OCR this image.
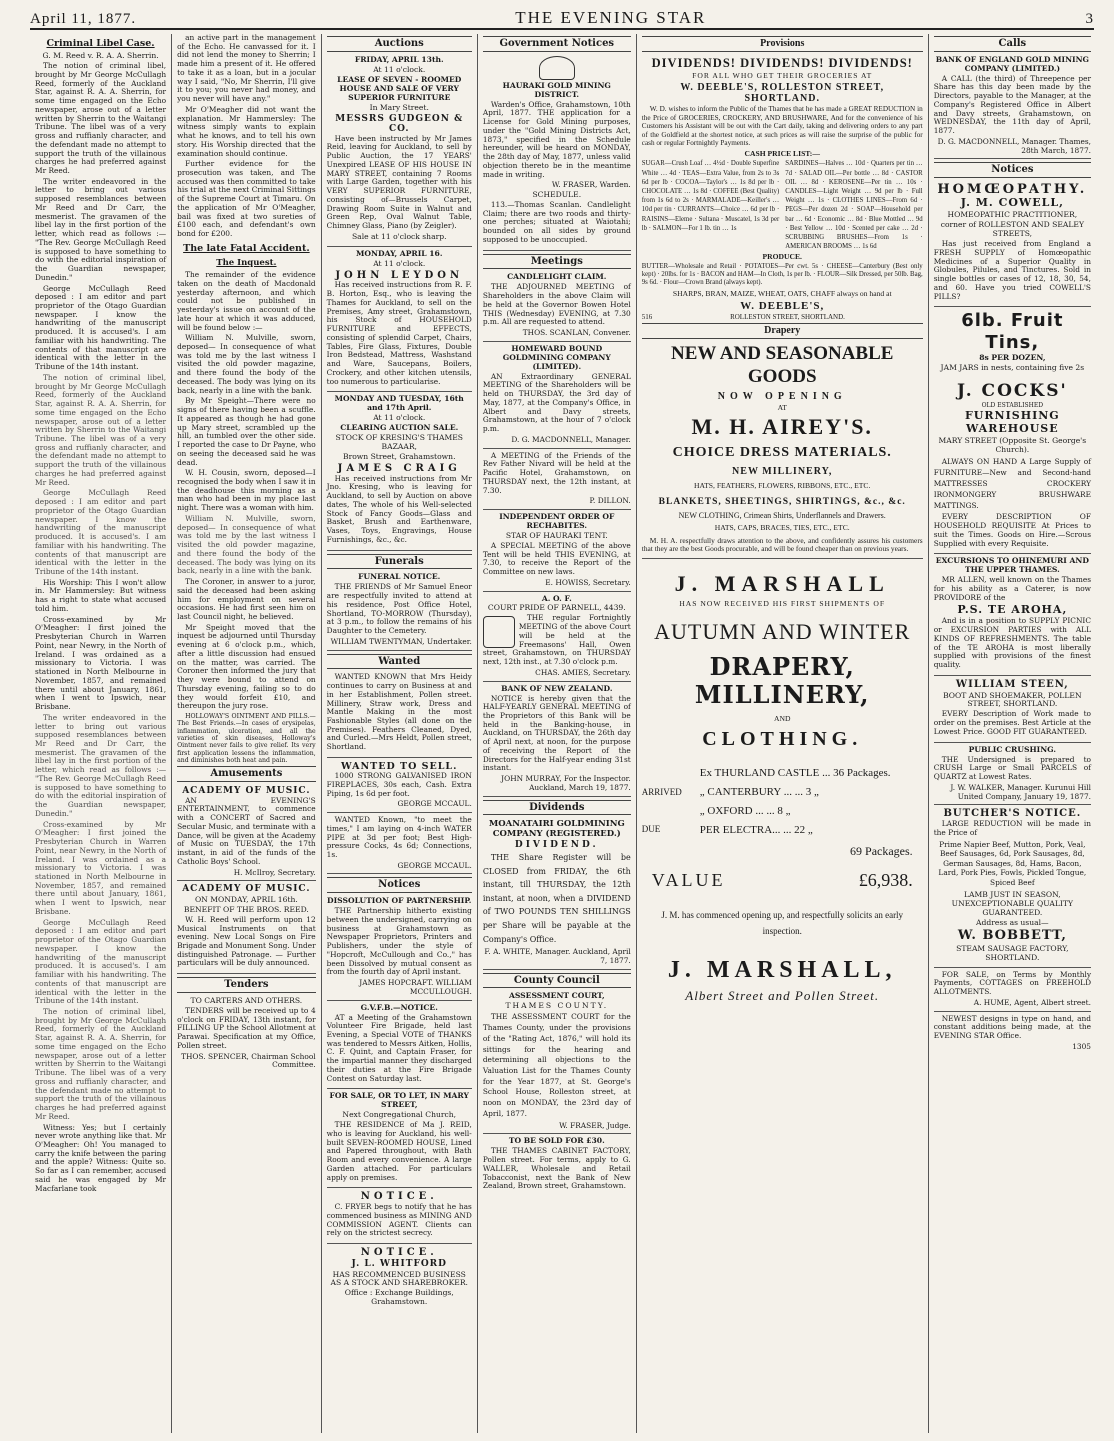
April 11, 1877.	THE EVENING STAR	3
Criminal Libel Case.
G. M. Reed v. R. A. A. Sherrin.

The notion of criminal libel, brought by Mr George McCullagh Reed, formerly of the Auckland Star, against R. A. A. Sherrin, for some time engaged on the Echo newspaper, arose out of a letter written by Sherrin to the Waitangi Tribune. The libel was of a very gross and ruffianly character, and the defendant made no attempt to support the truth of the villainous charges he had preferred against Mr Reed.

The writer endeavored in the letter to bring out various supposed resemblances between Mr Reed and Dr Carr, the mesmerist. The gravamen of the libel lay in the first portion of the letter, which read as follows :— "The Rev. George McCullagh Reed is supposed to have something to do with the editorial inspiration of the Guardian newspaper, Dunedin."

George McCullagh Reed deposed : I am editor and part proprietor of the Otago Guardian newspaper. I know the handwriting of the manuscript produced. It is accused's. I am familiar with his handwriting. The contents of that manuscript are identical with the letter in the Tribune of the 14th instant.

The notion of criminal libel, brought by Mr George McCullagh Reed, formerly of the Auckland Star, against R. A. A. Sherrin, for some time engaged on the Echo newspaper, arose out of a letter written by Sherrin to the Waitangi Tribune. The libel was of a very gross and ruffianly character, and the defendant made no attempt to support the truth of the villainous charges he had preferred against Mr Reed.

George McCullagh Reed deposed : I am editor and part proprietor of the Otago Guardian newspaper. I know the handwriting of the manuscript produced. It is accused's. I am familiar with his handwriting. The contents of that manuscript are identical with the letter in the Tribune of the 14th instant.

His Worship: This I won't allow in. Mr Hammersley: But witness has a right to state what accused told him.

Cross-examined by Mr O'Meagher: I first joined the Presbyterian Church in Warren Point, near Newry, in the North of Ireland. I was ordained as a missionary to Victoria. I was stationed in North Melbourne in November, 1857, and remained there until about January, 1861, when I went to Ipswich, near Brisbane.

The writer endeavored in the letter to bring out various supposed resemblances between Mr Reed and Dr Carr, the mesmerist. The gravamen of the libel lay in the first portion of the letter, which read as follows :— "The Rev. George McCullagh Reed is supposed to have something to do with the editorial inspiration of the Guardian newspaper, Dunedin."

Cross-examined by Mr O'Meagher: I first joined the Presbyterian Church in Warren Point, near Newry, in the North of Ireland. I was ordained as a missionary to Victoria. I was stationed in North Melbourne in November, 1857, and remained there until about January, 1861, when I went to Ipswich, near Brisbane.

George McCullagh Reed deposed : I am editor and part proprietor of the Otago Guardian newspaper. I know the handwriting of the manuscript produced. It is accused's. I am familiar with his handwriting. The contents of that manuscript are identical with the letter in the Tribune of the 14th instant.

The notion of criminal libel, brought by Mr George McCullagh Reed, formerly of the Auckland Star, against R. A. A. Sherrin, for some time engaged on the Echo newspaper, arose out of a letter written by Sherrin to the Waitangi Tribune. The libel was of a very gross and ruffianly character, and the defendant made no attempt to support the truth of the villainous charges he had preferred against Mr Reed.

Witness: Yes; but I certainly never wrote anything like that. Mr O'Meagher: Oh! You managed to carry the knife between the paring and the apple? Witness: Quite so. So far as I can remember, accused said he was engaged by Mr Macfarlane took

an active part in the management of the Echo. He canvassed for it. I did not lend the money to Sherrin; I made him a present of it. He offered to take it as a loan, but in a jocular way I said, "No, Mr Sherrin, I'll give it to you; you never had money, and you never will have any."

Mr O'Meagher did not want the explanation. Mr Hammersley: The witness simply wants to explain what he knows, and to tell his own story. His Worship directed that the examination should continue.

Further evidence for the prosecution was taken, and The accused was then committed to take his trial at the next Criminal Sittings of the Supreme Court at Timaru. On the application of Mr O'Meagher, bail was fixed at two sureties of £100 each, and defendant's own bond for £200.

The late Fatal Accident.
The Inquest.

The remainder of the evidence taken on the death of Macdonald yesterday afternoon, and which could not be published in yesterday's issue on account of the late hour at which it was adduced, will be found below :—

William N. Mulville, sworn, deposed— In consequence of what was told me by the last witness I visited the old powder magazine, and there found the body of the deceased. The body was lying on its back, nearly in a line with the bank.

By Mr Speight—There were no signs of there having been a scuffle. It appeared as though he had gone up Mary street, scrambled up the hill, an tumbled over the other side. I reported the case to Dr Payne, who on seeing the deceased said he was dead.

W. H. Cousin, sworn, deposed—I recognised the body when I saw it in the deadhouse this morning as a man who had been in my place last night. There was a woman with him.

William N. Mulville, sworn, deposed— In consequence of what was told me by the last witness I visited the old powder magazine, and there found the body of the deceased. The body was lying on its back, nearly in a line with the bank.

The Coroner, in answer to a juror, said the deceased had been asking him for employment on several occasions. He had first seen him on last Council night, he believed.

Mr Speight moved that the inquest be adjourned until Thursday evening at 6 o'clock p.m., which, after a little discussion had ensued on the matter, was carried. The Coroner then informed the jury that they were bound to attend on Thursday evening, failing so to do they would forfeit £10, and thereupon the jury rose.

HOLLOWAY'S OINTMENT AND PILLS.—The Best Friends.—In cases of erysipelas, inflammation, ulceration, and all the varieties of skin diseases, Holloway's Ointment never fails to give relief. Its very first application lessens the inflammation, and diminishes both heat and pain.

Amusements
ACADEMY OF MUSIC.

AN EVENING'S ENTERTAINMENT, to commence with a CONCERT of Sacred and Secular Music, and terminate with a Dance, will be given at the Academy of Music on TUESDAY, the 17th instant, in aid of the funds of the Catholic Boys' School.

H. McIlroy, Secretary.
ACADEMY OF MUSIC.
ON MONDAY, APRIL 16th.
BENEFIT OF THE BROS. REED.

W. H. Reed will perform upon 12 Musical Instruments on that evening. New Local Songs on Fire Brigade and Monument Song. Under distinguished Patronage. — Further particulars will be duly announced.

Tenders
TO CARTERS AND OTHERS.

TENDERS will be received up to 4 o'clock on FRIDAY, 13th instant, for FILLING UP the School Allotment at Parawai. Specification at my Office, Pollen street.

THOS. SPENCER, Chairman School Committee.
Auctions
FRIDAY, APRIL 13th.
At 11 o'clock.
LEASE OF SEVEN - ROOMED HOUSE AND SALE OF VERY SUPERIOR FURNITURE
In Mary Street.
MESSRS GUDGEON & CO.

Have been instructed by Mr James Reid, leaving for Auckland, to sell by Public Auction, the 17 YEARS' Unexpired LEASE OF HIS HOUSE IN MARY STREET, containing 7 Rooms with Large Garden, together with his VERY SUPERIOR FURNITURE, consisting of—Brussels Carpet, Drawing Room Suite in Walnut and Green Rep, Oval Walnut Table, Chimney Glass, Piano (by Zeigler).

Sale at 11 o'clock sharp.
MONDAY, APRIL 16.
At 11 o'clock.
JOHN LEYDON

Has received instructions from R. F. B. Horton, Esq., who is leaving the Thames for Auckland, to sell on the Premises, Amy street, Grahamstown, his Stock of HOUSEHOLD FURNITURE and EFFECTS, consisting of splendid Carpet, Chairs, Tables, Fire Glass, Fixtures, Double Iron Bedstead, Mattress, Washstand and Ware, Saucepans, Boilers, Crockery, and other kitchen utensils, too numerous to particularise.

MONDAY AND TUESDAY, 16th and 17th April.
At 11 o'clock.
CLEARING AUCTION SALE.
STOCK OF KRESING'S THAMES BAZAAR,
Brown Street, Grahamstown.
JAMES CRAIG

Has received instructions from Mr Jno. Kresing, who is leaving for Auckland, to sell by Auction on above dates, The whole of his Well-selected Stock of Fancy Goods—Glass and Basket, Brush and Earthenware, Vases, Toys, Engravings, House Furnishings, &c., &c.

Funerals
FUNERAL NOTICE.

THE FRIENDS of Mr Samuel Eneor are respectfully invited to attend at his residence, Post Office Hotel, Shortland, TO-MORROW (Thursday), at 3 p.m., to follow the remains of his Daughter to the Cemetery.

WILLIAM TWENTYMAN, Undertaker.
Wanted

WANTED KNOWN that Mrs Heidy continues to carry on Business at and in her Establishment, Pollen street. Millinery, Straw work, Dress and Mantle Making in the most Fashionable Styles (all done on the Premises). Feathers Cleaned, Dyed, and Curled.—Mrs Heldt, Pollen street, Shortland.

WANTED TO SELL.

1000 STRONG GALVANISED IRON FIREPLACES, 30s each, Cash. Extra Piping, 1s 6d per foot.

GEORGE MCCAUL.

WANTED Known, "to meet the times," I am laying on 4-inch WATER PIPE at 3d per foot; Best High-pressure Cocks, 4s 6d; Connections, 1s.

GEORGE MCCAUL.
Notices
DISSOLUTION OF PARTNERSHIP.

THE Partnership hitherto existing between the undersigned, carrying on business at Grahamstown as Newspaper Proprietors, Printers and Publishers, under the style of "Hopcroft, McCullough and Co.," has been Dissolved by mutual consent as from the fourth day of April instant.

JAMES HOPCRAFT. WILLIAM MCCULLOUGH.
G.V.F.B.—NOTICE.

AT a Meeting of the Grahamstown Volunteer Fire Brigade, held last Evening, a Special VOTE of THANKS was tendered to Messrs Aitken, Hollis, C. F. Quint, and Captain Fraser, for the impartial manner they discharged their duties at the Fire Brigade Contest on Saturday last.

FOR SALE, OR TO LET, IN MARY STREET,
Next Congregational Church,

THE RESIDENCE of Ma J. REID, who is leaving for Auckland, his well-built SEVEN-ROOMED HOUSE, Lined and Papered throughout, with Bath Room and every convenience. A large Garden attached. For particulars apply on premises.

NOTICE.

C. FRYER begs to notify that he has commenced business as MINING AND COMMISSION AGENT. Clients can rely on the strictest secrecy.

NOTICE.
J. L. WHITFORD
HAS RECOMMENCED BUSINESS AS A STOCK AND SHAREBROKER.
Office : Exchange Buildings, Grahamstown.
Government Notices
HAURAKI GOLD MINING DISTRICT.

Warden's Office, Grahamstown, 10th April, 1877. THE application for a License for Gold Mining purposes, under the "Gold Mining Districts Act, 1873," specified in the Schedule hereunder, will be heard on MONDAY, the 28th day of May, 1877, unless valid objection thereto be in the meantime made in writing.

W. FRASER, Warden.
SCHEDULE.

113.—Thomas Scanlan. Candlelight Claim; there are two roods and thirty-one perches; situated at Waiotahi; bounded on all sides by ground supposed to be unoccupied.

Meetings
CANDLELIGHT CLAIM.

THE ADJOURNED MEETING of Shareholders in the above Claim will be held at the Governor Bowen Hotel THIS (Wednesday) EVENING, at 7.30 p.m. All are requested to attend.

THOS. SCANLAN, Convener.
HOMEWARD BOUND GOLDMINING COMPANY (LIMITED).

AN Extraordinary GENERAL MEETING of the Shareholders will be held on THURSDAY, the 3rd day of May, 1877, at the Company's Office, in Albert and Davy streets, Grahamstown, at the hour of 7 o'clock p.m.

D. G. MACDONNELL, Manager.

A MEETING of the Friends of the Rev Father Nivard will be held at the Pacific Hotel, Grahamstown, on THURSDAY next, the 12th instant, at 7.30.

P. DILLON.
INDEPENDENT ORDER OF RECHABITES.
STAR OF HAURAKI TENT.

A SPECIAL MEETING of the above Tent will be held THIS EVENING, at 7.30, to receive the Report of the Committee on new laws.

E. HOWISS, Secretary.
A. O. F.
COURT PRIDE OF PARNELL, 4439.

THE regular Fortnightly MEETING of the above Court will be held at the Freemasons' Hall, Owen street, Grahamstown, on THURSDAY next, 12th inst., at 7.30 o'clock p.m.

CHAS. AMIES, Secretary.
BANK OF NEW ZEALAND.

NOTICE is hereby given that the HALF-YEARLY GENERAL MEETING of the Proprietors of this Bank will be held in the Banking-house, in Auckland, on THURSDAY, the 26th day of April next, at noon, for the purpose of receiving the Report of the Directors for the Half-year ending 31st instant.

JOHN MURRAY, For the Inspector. Auckland, March 19, 1877.
Dividends
MOANATAIRI GOLDMINING COMPANY (REGISTERED.)
DIVIDEND.

THE Share Register will be CLOSED from FRIDAY, the 6th instant, till THURSDAY, the 12th instant, at noon, when a DIVIDEND of TWO POUNDS TEN SHILLINGS per Share will be payable at the Company's Office.

F. A. WHITE, Manager. Auckland, April 7, 1877.
County Council
ASSESSMENT COURT,
THAMES COUNTY.

THE ASSESSMENT COURT for the Thames County, under the provisions of the "Rating Act, 1876," will hold its sittings for the hearing and determining all objections to the Valuation List for the Thames County for the Year 1877, at St. George's School House, Rolleston street, at noon on MONDAY, the 23rd day of April, 1877.

W. FRASER, Judge.
TO BE SOLD FOR £30.

THE THAMES CABINET FACTORY, Pollen street. For terms, apply to G. WALLER, Wholesale and Retail Tobacconist, next the Bank of New Zealand, Brown street, Grahamstown.

Provisions
DIVIDENDS! DIVIDENDS! DIVIDENDS!
FOR ALL WHO GET THEIR GROCERIES AT
W. DEEBLE'S, ROLLESTON STREET, SHORTLAND.

W. D. wishes to inform the Public of the Thames that he has made a GREAT REDUCTION in the Price of GROCERIES, CROCKERY, AND BRUSHWARE, And for the convenience of his Customers his Assistant will be out with the Cart daily, taking and delivering orders to any part of the Goldfield at the shortest notice, at such prices as will raise the surprise of the public for cash or regular Fortnightly Payments.

CASH PRICE LIST:—
SUGAR—Crush Loaf … 4½d · Double Superfine White … 4d · TEAS—Extra Value, from 2s to 3s 6d per lb · COCOA—Taylor's … 1s 8d per lb · CHOCOLATE … 1s 8d · COFFEE (Best Quality) from 1s 6d to 2s · MARMALADE—Keiller's … 10d per tin · CURRANTS—Choice … 6d per lb · RAISINS—Eleme · Sultana · Muscatel, 1s 3d per lb · SALMON—For 1 lb. tin … 1s
SARDINES—Halves … 10d · Quarters per tin … 7d · SALAD OIL—Per bottle … 8d · CASTOR OIL … 8d · KEROSENE—Per tin … 10s · CANDLES—Light Weight … 9d per lb · Full Weight … 1s · CLOTHES LINES—From 6d · PEGS—Per dozen 2d · SOAP—Household per bar … 6d · Economic … 8d · Blue Mottled … 9d · Best Yellow … 10d · Scented per cake … 2d · SCRUBBING BRUSHES—From 1s · AMERICAN BROOMS … 1s 6d
PRODUCE.
BUTTER—Wholesale and Retail · POTATOES—Per cwt. 5s · CHEESE—Canterbury (Best only kept) · 20lbs. for 1s · BACON and HAM—In Cloth, 1s per lb. · FLOUR—Silk Dressed, per 50lb. Bag, 9s 6d. · Flour—Crown Brand (always kept).
SHARPS, BRAN, MAIZE, WHEAT, OATS, CHAFF always on hand at
W. DEEBLE'S,
516	ROLLESTON STREET, SHORTLAND.
Drapery
NEW AND SEASONABLE GOODS
NOW OPENING
AT
M. H. AIREY'S.
CHOICE DRESS MATERIALS.
NEW MILLINERY,
HATS, FEATHERS, FLOWERS, RIBBONS, ETC., ETC.
BLANKETS, SHEETINGS, SHIRTINGS, &c., &c.
NEW CLOTHING, Crimean Shirts, Underflannels and Drawers.
HATS, CAPS, BRACES, TIES, ETC., ETC.

M. H. A. respectfully draws attention to the above, and confidently assures his customers that they are the best Goods procurable, and will be found cheaper than on previous years.

J. MARSHALL
HAS NOW RECEIVED HIS FIRST SHIPMENTS OF
AUTUMN AND WINTER
DRAPERY, MILLINERY,
AND
CLOTHING.
ARRIVED
Ex THURLAND CASTLE ... 36 Packages.
„ CANTERBURY ... ... 3 „
„ OXFORD ... ... 8 „
DUE	PER ELECTRA... ... 22 „
69 Packages.
VALUE	£6,938.
J. M. has commenced opening up, and respectfully solicits an early inspection.
J. MARSHALL,
Albert Street and Pollen Street.
Calls
BANK OF ENGLAND GOLD MINING COMPANY (LIMITED.)

A CALL (the third) of Threepence per Share has this day been made by the Directors, payable to the Manager, at the Company's Registered Office in Albert and Davy streets, Grahamstown, on WEDNESDAY, the 11th day of April, 1877.

D. G. MACDONNELL, Manager. Thames, 28th March, 1877.
Notices
HOMŒOPATHY.
J. M. COWELL,
HOMEOPATHIC PRACTITIONER,
corner of ROLLESTON AND SEALEY STREETS,

Has just received from England a FRESH SUPPLY of Homœopathic Medicines of a Superior Quality in Globules, Pilules, and Tinctures. Sold in single bottles or cases of 12, 18, 30, 54, and 60. Have you tried COWELL'S PILLS?

6lb. Fruit Tins,
8s PER DOZEN,
JAM JARS in nests, containing five 2s
J. COCKS'
OLD ESTABLISHED
FURNISHING WAREHOUSE
MARY STREET (Opposite St. George's Church).

ALWAYS ON HAND A Large Supply of FURNITURE—New and Second-hand MATTRESSES CROCKERY IRONMONGERY BRUSHWARE MATTINGS.

EVERY DESCRIPTION OF HOUSEHOLD REQUISITE At Prices to suit the Times. Goods on Hire.—Scrous Supplied with every Requisite.

EXCURSIONS TO OHINEMURI AND THE UPPER THAMES.

MR ALLEN, well known on the Thames for his ability as a Caterer, is now PROVIDORE of the

P.S. TE AROHA,

And is in a position to SUPPLY PICNIC or EXCURSION PARTIES with ALL KINDS OF REFRESHMENTS. The table of the TE AROHA is most liberally supplied with provisions of the finest quality.

WILLIAM STEEN,
BOOT AND SHOEMAKER, POLLEN STREET, SHORTLAND.

EVERY Description of Work made to order on the premises. Best Article at the Lowest Price. GOOD FIT GUARANTEED.

PUBLIC CRUSHING.

THE Undersigned is prepared to CRUSH Large or Small PARCELS of QUARTZ at Lowest Rates.

J. W. WALKER, Manager. Kurunui Hill United Company, January 19, 1877.
BUTCHER'S NOTICE.

LARGE REDUCTION will be made in the Price of

Prime Napier Beef, Mutton, Pork, Veal, Beef Sausages, 6d, Pork Sausages, 8d, German Sausages, 8d, Hams, Bacon, Lard, Pork Pies, Fowls, Pickled Tongue, Spiced Beef
LAMB JUST IN SEASON, UNEXCEPTIONABLE QUALITY GUARANTEED.
Address as usual—
W. BOBBETT,
STEAM SAUSAGE FACTORY, SHORTLAND.

FOR SALE, on Terms by Monthly Payments, COTTAGES on FREEHOLD ALLOTMENTS.

A. HUME, Agent, Albert street.

NEWEST designs in type on hand, and constant additions being made, at the EVENING STAR Office.

1305
